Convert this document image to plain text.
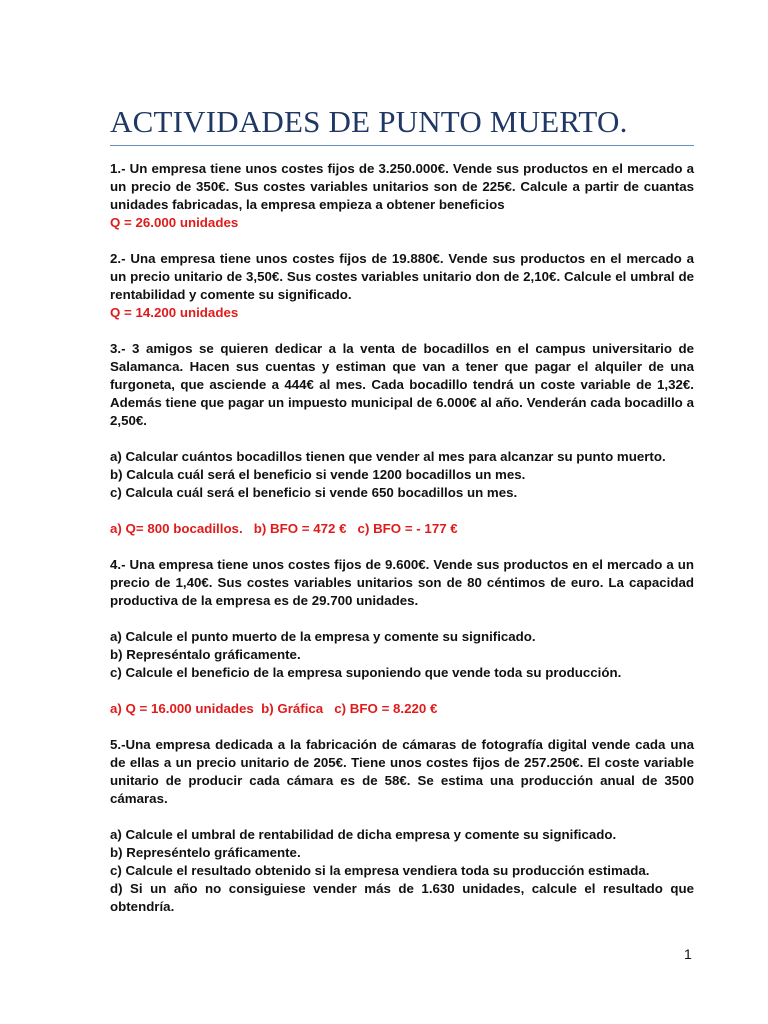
ACTIVIDADES DE PUNTO MUERTO.

1.- Un empresa tiene unos costes fijos de 3.250.000€. Vende sus productos en el mercado a un precio de 350€. Sus costes variables unitarios son de 225€. Calcule a partir de cuantas unidades fabricadas, la empresa empieza a obtener beneficios

Q = 26.000 unidades

2.- Una empresa tiene unos costes fijos de 19.880€. Vende sus productos en el mercado a un precio unitario de 3,50€. Sus costes variables unitario don de 2,10€. Calcule el umbral de rentabilidad y comente su significado.

Q = 14.200 unidades

3.- 3 amigos se quieren dedicar a la venta de bocadillos en el campus universitario de Salamanca. Hacen sus cuentas y estiman que van a tener que pagar el alquiler de una furgoneta, que asciende a 444€ al mes. Cada bocadillo tendrá un coste variable de 1,32€. Además tiene que pagar un impuesto municipal de 6.000€ al año. Venderán cada bocadillo a 2,50€.

a) Calcular cuántos bocadillos tienen que vender al mes para alcanzar su punto muerto.

b) Calcula cuál será el beneficio si vende 1200 bocadillos un mes.

c) Calcula cuál será el beneficio si vende 650 bocadillos un mes.

a) Q= 800 bocadillos.   b) BFO = 472 €   c) BFO = - 177 €

4.- Una empresa tiene unos costes fijos de 9.600€. Vende sus productos en el mercado a un precio de 1,40€. Sus costes variables unitarios son de 80 céntimos de euro. La capacidad productiva de la empresa es de 29.700 unidades.

a) Calcule el punto muerto de la empresa y comente su significado.

b) Represéntalo gráficamente.

c) Calcule el beneficio de la empresa suponiendo que vende toda su producción.

a) Q = 16.000 unidades  b) Gráfica   c) BFO = 8.220 €

5.-Una empresa dedicada a la fabricación de cámaras de fotografía digital vende cada una de ellas a un precio unitario de 205€. Tiene unos costes fijos de 257.250€. El coste variable unitario de producir cada cámara es de 58€. Se estima una producción anual de 3500 cámaras.

a) Calcule el umbral de rentabilidad de dicha empresa y comente su significado.

b) Represéntelo gráficamente.

c) Calcule el resultado obtenido si la empresa vendiera toda su producción estimada.

d) Si un año no consiguiese vender más de 1.630 unidades, calcule el resultado que obtendría.

1
